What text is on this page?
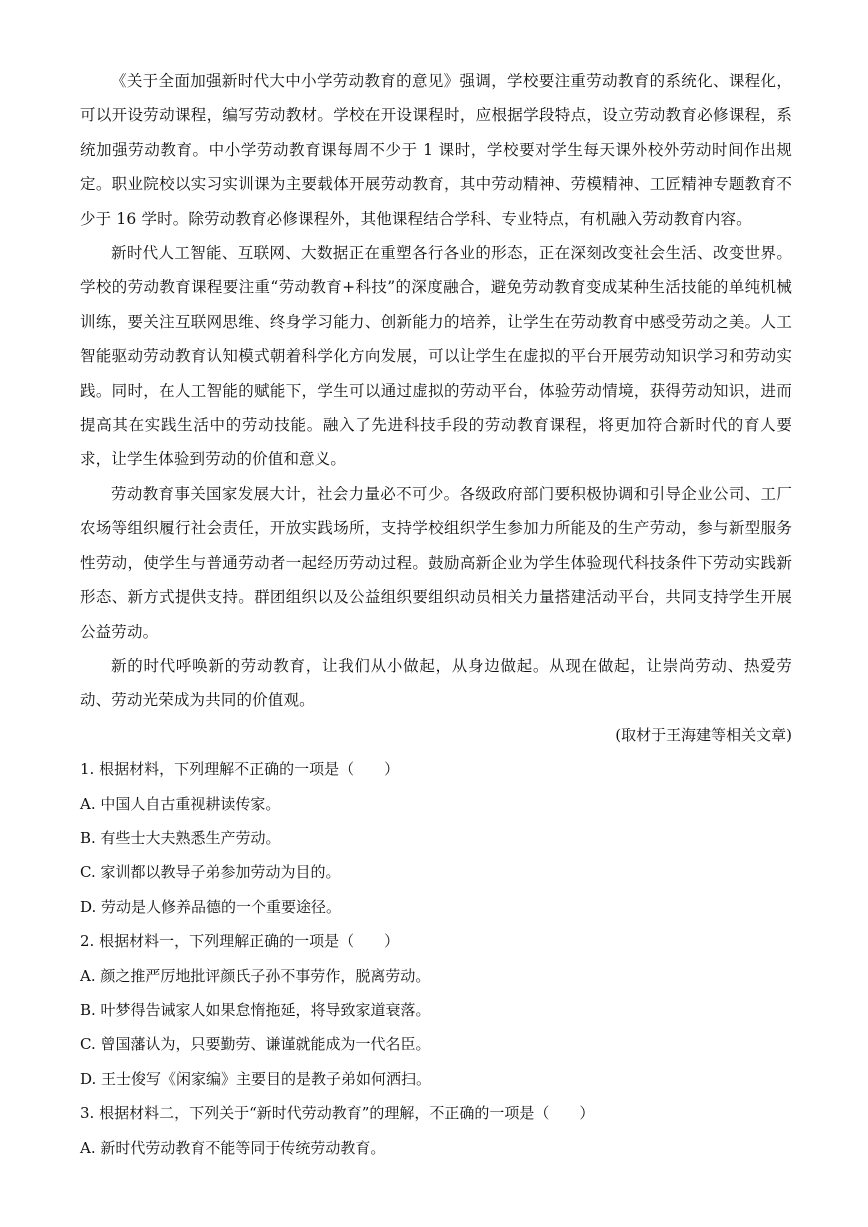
《关于全面加强新时代大中小学劳动教育的意见》强调，学校要注重劳动教育的系统化、课程化，可以开设劳动课程，编写劳动教材。学校在开设课程时，应根据学段特点，设立劳动教育必修课程，系统加强劳动教育。中小学劳动教育课每周不少于 1 课时，学校要对学生每天课外校外劳动时间作出规定。职业院校以实习实训课为主要载体开展劳动教育，其中劳动精神、劳模精神、工匠精神专题教育不少于 16 学时。除劳动教育必修课程外，其他课程结合学科、专业特点，有机融入劳动教育内容。

新时代人工智能、互联网、大数据正在重塑各行各业的形态，正在深刻改变社会生活、改变世界。学校的劳动教育课程要注重“劳动教育+科技”的深度融合，避免劳动教育变成某种生活技能的单纯机械训练，要关注互联网思维、终身学习能力、创新能力的培养，让学生在劳动教育中感受劳动之美。人工智能驱动劳动教育认知模式朝着科学化方向发展，可以让学生在虚拟的平台开展劳动知识学习和劳动实践。同时，在人工智能的赋能下，学生可以通过虚拟的劳动平台，体验劳动情境，获得劳动知识，进而提高其在实践生活中的劳动技能。融入了先进科技手段的劳动教育课程，将更加符合新时代的育人要求，让学生体验到劳动的价值和意义。

劳动教育事关国家发展大计，社会力量必不可少。各级政府部门要积极协调和引导企业公司、工厂农场等组织履行社会责任，开放实践场所，支持学校组织学生参加力所能及的生产劳动，参与新型服务性劳动，使学生与普通劳动者一起经历劳动过程。鼓励高新企业为学生体验现代科技条件下劳动实践新形态、新方式提供支持。群团组织以及公益组织要组织动员相关力量搭建活动平台，共同支持学生开展公益劳动。

新的时代呼唤新的劳动教育，让我们从小做起，从身边做起。从现在做起，让崇尚劳动、热爱劳动、劳动光荣成为共同的价值观。

(取材于王海建等相关文章)

1. 根据材料，下列理解不正确的一项是（　　）

A. 中国人自古重视耕读传家。

B. 有些士大夫熟悉生产劳动。

C. 家训都以教导子弟参加劳动为目的。

D. 劳动是人修养品德的一个重要途径。

2. 根据材料一，下列理解正确的一项是（　　）

A. 颜之推严厉地批评颜氏子孙不事劳作，脱离劳动。

B. 叶梦得告诫家人如果怠惰拖延，将导致家道衰落。

C. 曾国藩认为，只要勤劳、谦谨就能成为一代名臣。

D. 王士俊写《闲家编》主要目的是教子弟如何洒扫。

3. 根据材料二，下列关于“新时代劳动教育”的理解，不正确的一项是（　　）

A. 新时代劳动教育不能等同于传统劳动教育。
